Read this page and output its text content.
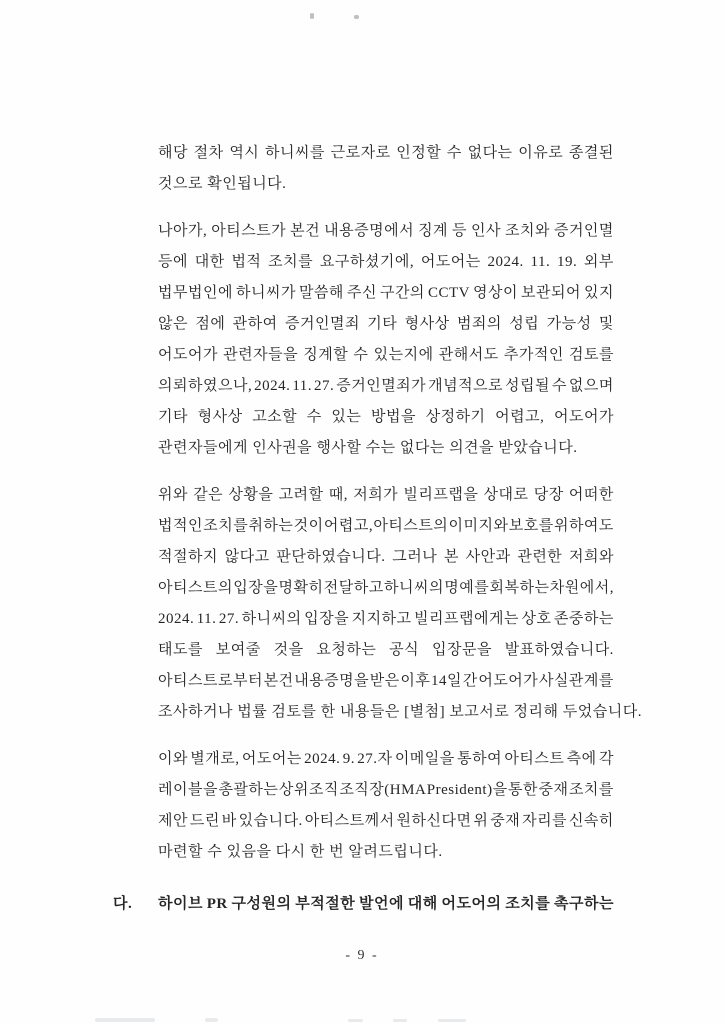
해당 절차 역시 하니씨를 근로자로 인정할 수 없다는 이유로 종결된
것으로 확인됩니다.
나아가, 아티스트가 본건 내용증명에서 징계 등 인사 조치와 증거인멸
등에 대한 법적 조치를 요구하셨기에, 어도어는 2024. 11. 19. 외부
법무법인에 하니씨가 말씀해 주신 구간의 CCTV 영상이 보관되어 있지
않은 점에 관하여 증거인멸죄 기타 형사상 범죄의 성립 가능성 및
어도어가 관련자들을 징계할 수 있는지에 관해서도 추가적인 검토를
의뢰하였으나, 2024. 11. 27. 증거인멸죄가 개념적으로 성립될 수 없으며
기타 형사상 고소할 수 있는 방법을 상정하기 어렵고, 어도어가
관련자들에게 인사권을 행사할 수는 없다는 의견을 받았습니다.
위와 같은 상황을 고려할 때, 저희가 빌리프랩을 상대로 당장 어떠한
법적인 조치를 취하는 것이 어렵고, 아티스트의 이미지와 보호를 위하여도
적절하지 않다고 판단하였습니다. 그러나 본 사안과 관련한 저희와
아티스트의 입장을 명확히 전달하고 하니씨의 명예를 회복하는 차원에서,
2024. 11. 27. 하니씨의 입장을 지지하고 빌리프랩에게는 상호 존중하는
태도를 보여줄 것을 요청하는 공식 입장문을 발표하였습니다.
아티스트로부터 본건 내용증명을 받은 이후 14일 간 어도어가 사실관계를
조사하거나 법률 검토를 한 내용들은 [별첨] 보고서로 정리해 두었습니다.
이와 별개로, 어도어는 2024. 9. 27.자 이메일을 통하여 아티스트 측에 각
레이블을 총괄하는 상위조직 조직장(HMA President)을 통한 중재 조치를
제안 드린 바 있습니다. 아티스트께서 원하신다면 위 중재 자리를 신속히
마련할 수 있음을 다시 한 번 알려드립니다.
다.	하이브 PR 구성원의 부적절한 발언에 대해 어도어의 조치를 촉구하는
- 9 -
